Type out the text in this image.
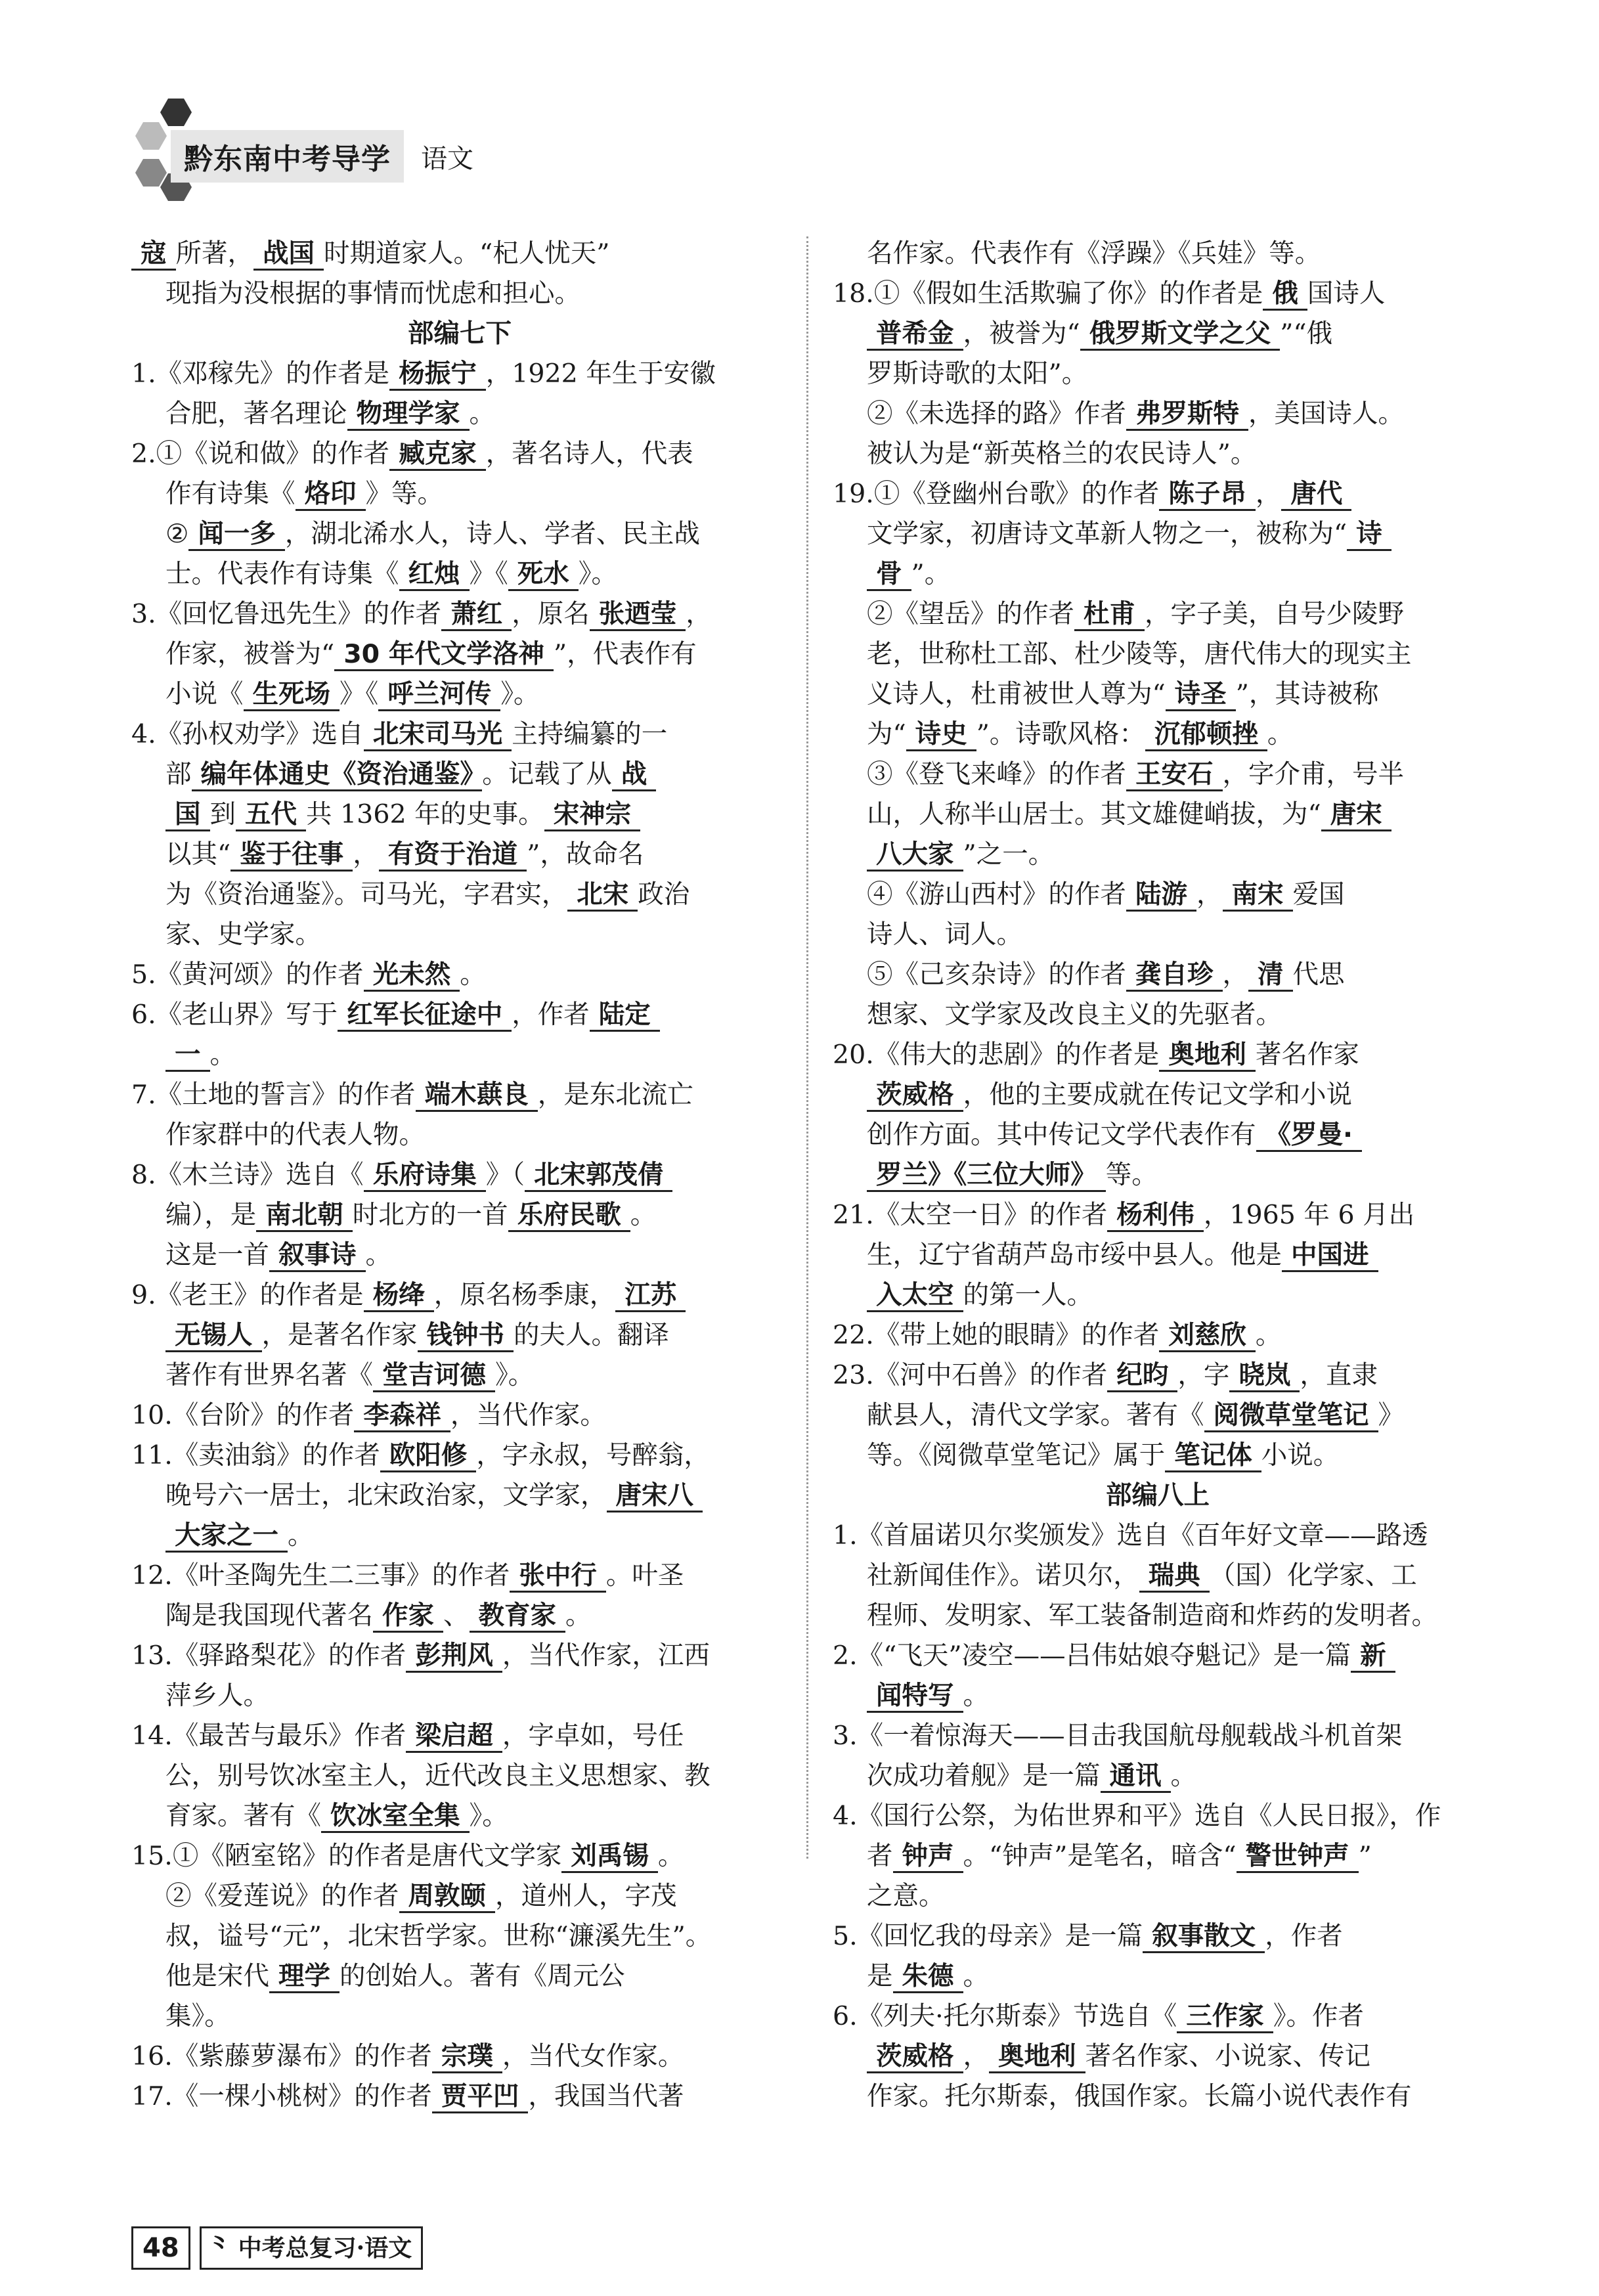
黔东南中考导学 语文

寇 所著， 战国 时期道家人。“杞人忧天”

现指为没根据的事情而忧虑和担心。

部编七下

1.《邓稼先》的作者是 杨振宁 ，1922 年生于安徽

合肥，著名理论 物理学家 。

2.①《说和做》的作者 臧克家 ，著名诗人，代表

作有诗集《 烙印 》等。

② 闻一多 ，湖北浠水人，诗人、学者、民主战

士。代表作有诗集《 红烛 》《 死水 》。

3.《回忆鲁迅先生》的作者 萧红 ，原名 张迺莹 ，

作家，被誉为“ 30 年代文学洛神 ”，代表作有

小说《 生死场 》《 呼兰河传 》。

4.《孙权劝学》选自 北宋司马光 主持编纂的一

部 编年体通史《资治通鉴》 。记载了从 战

国 到 五代 共 1362 年的史事。 宋神宗

以其“ 鉴于往事 ， 有资于治道 ”，故命名

为《资治通鉴》。司马光，字君实， 北宋 政治

家、史学家。

5.《黄河颂》的作者 光未然 。

6.《老山界》写于 红军长征途中 ，作者 陆定

一 。

7.《土地的誓言》的作者 端木蕻良 ，是东北流亡

作家群中的代表人物。

8.《木兰诗》选自《 乐府诗集 》（ 北宋郭茂倩

编），是 南北朝 时北方的一首 乐府民歌 。

这是一首 叙事诗 。

9.《老王》的作者是 杨绛 ，原名杨季康， 江苏

无锡人 ，是著名作家 钱钟书 的夫人。翻译

著作有世界名著《 堂吉诃德 》。

10.《台阶》的作者 李森祥 ，当代作家。

11.《卖油翁》的作者 欧阳修 ，字永叔，号醉翁，

晚号六一居士，北宋政治家，文学家， 唐宋八

大家之一 。

12.《叶圣陶先生二三事》的作者 张中行 。叶圣

陶是我国现代著名 作家 、 教育家 。

13.《驿路梨花》的作者 彭荆风 ，当代作家，江西

萍乡人。

14.《最苦与最乐》作者 梁启超 ，字卓如，号任

公，别号饮冰室主人，近代改良主义思想家、教

育家。著有《 饮冰室全集 》。

15.①《陋室铭》的作者是唐代文学家 刘禹锡 。

②《爱莲说》的作者 周敦颐 ，道州人，字茂

叔，谥号“元”，北宋哲学家。世称“濂溪先生”。

他是宋代 理学 的创始人。著有《周元公

集》。

16.《紫藤萝瀑布》的作者 宗璞 ，当代女作家。

17.《一棵小桃树》的作者 贾平凹 ，我国当代著

名作家。代表作有《浮躁》《兵娃》等。

18.①《假如生活欺骗了你》的作者是 俄 国诗人

普希金 ，被誉为“ 俄罗斯文学之父 ”“俄

罗斯诗歌的太阳”。

②《未选择的路》作者 弗罗斯特 ，美国诗人。

被认为是“新英格兰的农民诗人”。

19.①《登幽州台歌》的作者 陈子昂 ， 唐代

文学家，初唐诗文革新人物之一，被称为“ 诗

骨 ”。

②《望岳》的作者 杜甫 ，字子美，自号少陵野

老，世称杜工部、杜少陵等，唐代伟大的现实主

义诗人，杜甫被世人尊为“ 诗圣 ”，其诗被称

为“ 诗史 ”。诗歌风格： 沉郁顿挫 。

③《登飞来峰》的作者 王安石 ，字介甫，号半

山，人称半山居士。其文雄健峭拔，为“ 唐宋

八大家 ”之一。

④《游山西村》的作者 陆游 ， 南宋 爱国

诗人、词人。

⑤《己亥杂诗》的作者 龚自珍 ， 清 代思

想家、文学家及改良主义的先驱者。

20.《伟大的悲剧》的作者是 奥地利 著名作家

茨威格 ，他的主要成就在传记文学和小说

创作方面。其中传记文学代表作有 《罗曼·

罗兰》《三位大师》 等。

21.《太空一日》的作者 杨利伟 ，1965 年 6 月出

生，辽宁省葫芦岛市绥中县人。他是 中国进

入太空 的第一人。

22.《带上她的眼睛》的作者 刘慈欣 。

23.《河中石兽》的作者 纪昀 ，字 晓岚 ，直隶

献县人，清代文学家。著有《 阅微草堂笔记 》

等。《阅微草堂笔记》属于 笔记体 小说。

部编八上

1.《首届诺贝尔奖颁发》选自《百年好文章——路透

社新闻佳作》。诺贝尔， 瑞典 （国）化学家、工

程师、发明家、军工装备制造商和炸药的发明者。

2.《“飞天”凌空——吕伟姑娘夺魁记》是一篇 新

闻特写 。

3.《一着惊海天——目击我国航母舰载战斗机首架

次成功着舰》是一篇 通讯 。

4.《国行公祭，为佑世界和平》选自《人民日报》，作

者 钟声 。“钟声”是笔名，暗含“ 警世钟声 ”

之意。

5.《回忆我的母亲》是一篇 叙事散文 ，作者

是 朱德 。

6.《列夫·托尔斯泰》节选自《 三作家 》。作者

茨威格 ， 奥地利 著名作家、小说家、传记

作家。托尔斯泰，俄国作家。长篇小说代表作有

48	⺀ 中考总复习·语文
